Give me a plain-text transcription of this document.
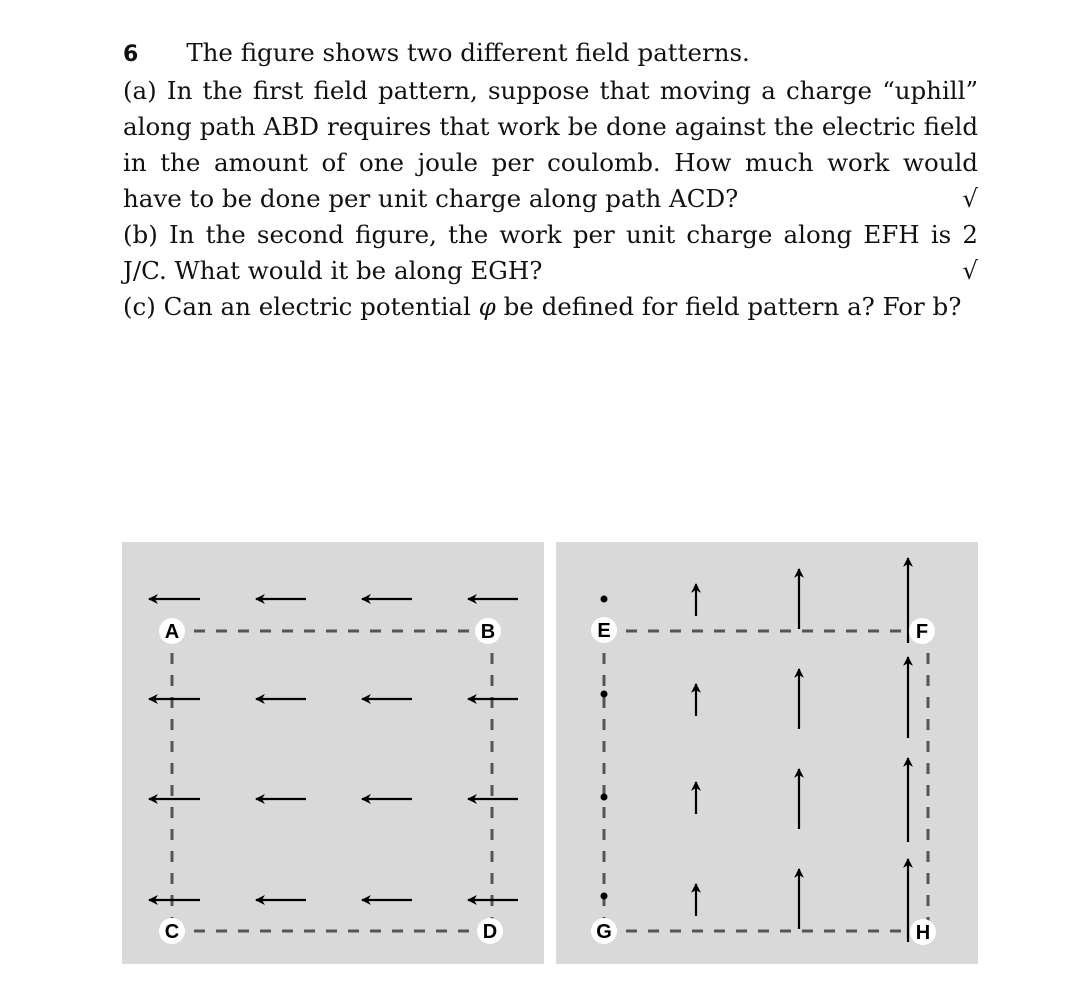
6 The figure shows two different field patterns.

(a) In the first field pattern, suppose that moving a charge “uphill” along path ABD requires that work be done against the electric field in the amount of one joule per coulomb. How much work would have to be done per unit charge along path ACD?	√

(b) In the second figure, the work per unit charge along EFH is 2 J/C. What would it be along EGH?	√

(c) Can an electric potential φ be defined for field pattern a? For b?

A	B
C	D
E	F
G	H
